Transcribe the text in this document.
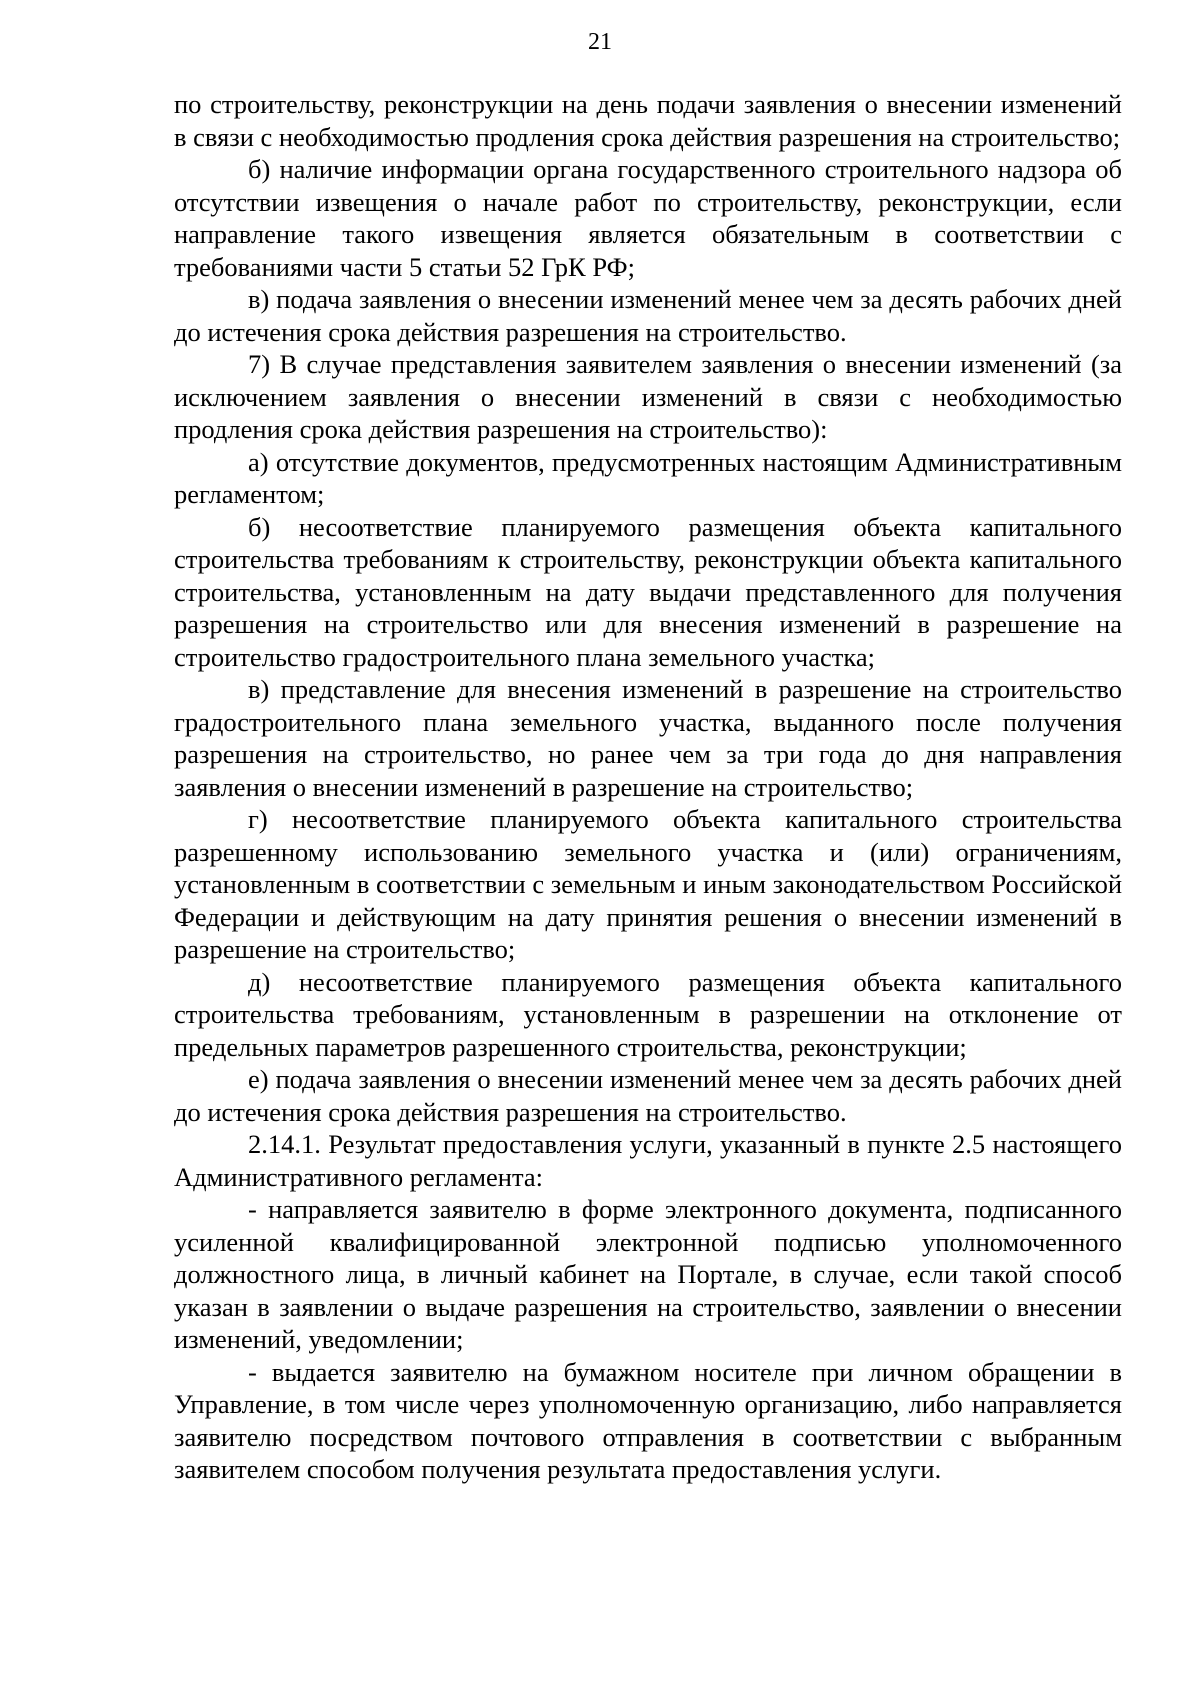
21

по строительству, реконструкции на день подачи заявления о внесении изменений в связи с необходимостью продления срока действия разрешения на строительство;

б) наличие информации органа государственного строительного надзора об отсутствии извещения о начале работ по строительству, реконструкции, если направление такого извещения является обязательным в соответствии с требованиями части 5 статьи 52 ГрК РФ;

в) подача заявления о внесении изменений менее чем за десять рабочих дней до истечения срока действия разрешения на строительство.

7) В случае представления заявителем заявления о внесении изменений (за исключением заявления о внесении изменений в связи с необходимостью продления срока действия разрешения на строительство):

а) отсутствие документов, предусмотренных настоящим Административным регламентом;

б) несоответствие планируемого размещения объекта капитального строительства требованиям к строительству, реконструкции объекта капитального строительства, установленным на дату выдачи представленного для получения разрешения на строительство или для внесения изменений в разрешение на строительство градостроительного плана земельного участка;

в) представление для внесения изменений в разрешение на строительство градостроительного плана земельного участка, выданного после получения разрешения на строительство, но ранее чем за три года до дня направления заявления о внесении изменений в разрешение на строительство;

г) несоответствие планируемого объекта капитального строительства разрешенному использованию земельного участка и (или) ограничениям, установленным в соответствии с земельным и иным законодательством Российской Федерации и действующим на дату принятия решения о внесении изменений в разрешение на строительство;

д) несоответствие планируемого размещения объекта капитального строительства требованиям, установленным в разрешении на отклонение от предельных параметров разрешенного строительства, реконструкции;

е) подача заявления о внесении изменений менее чем за десять рабочих дней до истечения срока действия разрешения на строительство.

2.14.1. Результат предоставления услуги, указанный в пункте 2.5 настоящего Административного регламента:

- направляется заявителю в форме электронного документа, подписанного усиленной квалифицированной электронной подписью уполномоченного должностного лица, в личный кабинет на Портале, в случае, если такой способ указан в заявлении о выдаче разрешения на строительство, заявлении о внесении изменений, уведомлении;

- выдается заявителю на бумажном носителе при личном обращении в Управление, в том числе через уполномоченную организацию, либо направляется заявителю посредством почтового отправления в соответствии с выбранным заявителем способом получения результата предоставления услуги.
